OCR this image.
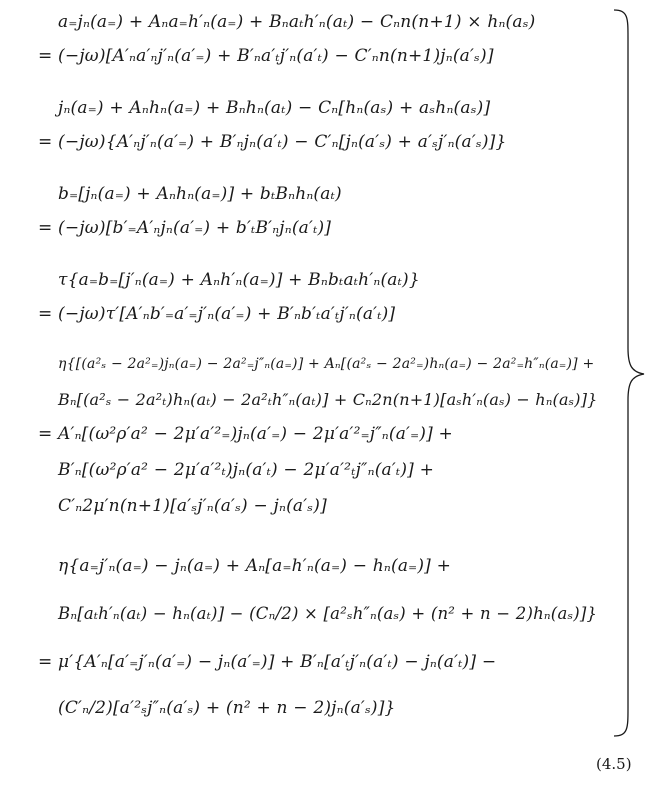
a₌jₙ(a₌) + Aₙa₌h′ₙ(a₌) + Bₙaₜh′ₙ(aₜ) − Cₙn(n+1) × hₙ(aₛ)
= (−jω)[A′ₙa′ₙj′ₙ(a′₌) + B′ₙa′ₜj′ₙ(a′ₜ) − C′ₙn(n+1)jₙ(a′ₛ)]
jₙ(a₌) + Aₙhₙ(a₌) + Bₙhₙ(aₜ) − Cₙ[hₙ(aₛ) + aₛhₙ(aₛ)]
= (−jω){A′ₙj′ₙ(a′₌) + B′ₙjₙ(a′ₜ) − C′ₙ[jₙ(a′ₛ) + a′ₛj′ₙ(a′ₛ)]}
b₌[jₙ(a₌) + Aₙhₙ(a₌)] + bₜBₙhₙ(aₜ)
= (−jω)[b′₌A′ₙjₙ(a′₌) + b′ₜB′ₙjₙ(a′ₜ)]
τ{a₌b₌[j′ₙ(a₌) + Aₙh′ₙ(a₌)] + Bₙbₜaₜh′ₙ(aₜ)}
= (−jω)τ′[A′ₙb′₌a′₌j′ₙ(a′₌) + B′ₙb′ₜa′ₜj′ₙ(a′ₜ)]
η{[(a²ₛ − 2a²₌)jₙ(a₌) − 2a²₌j″ₙ(a₌)] + Aₙ[(a²ₛ − 2a²₌)hₙ(a₌) − 2a²₌h″ₙ(a₌)] +
Bₙ[(a²ₛ − 2a²ₜ)hₙ(aₜ) − 2a²ₜh″ₙ(aₜ)] + Cₙ2n(n+1)[aₛh′ₙ(aₛ) − hₙ(aₛ)]}
= A′ₙ[(ω²ρ′a² − 2μ′a′²₌)jₙ(a′₌) − 2μ′a′²₌j″ₙ(a′₌)] +
B′ₙ[(ω²ρ′a² − 2μ′a′²ₜ)jₙ(a′ₜ) − 2μ′a′²ₜj″ₙ(a′ₜ)] +
C′ₙ2μ′n(n+1)[a′ₛj′ₙ(a′ₛ) − jₙ(a′ₛ)]
η{a₌j′ₙ(a₌) − jₙ(a₌) + Aₙ[a₌h′ₙ(a₌) − hₙ(a₌)] +
Bₙ[aₜh′ₙ(aₜ) − hₙ(aₜ)] − (Cₙ/2) × [a²ₛh″ₙ(aₛ) + (n² + n − 2)hₙ(aₛ)]}
= μ′{A′ₙ[a′₌j′ₙ(a′₌) − jₙ(a′₌)] + B′ₙ[a′ₜj′ₙ(a′ₜ) − jₙ(a′ₜ)] −
(C′ₙ/2)[a′²ₛj″ₙ(a′ₛ) + (n² + n − 2)jₙ(a′ₛ)]}
(4.5)
